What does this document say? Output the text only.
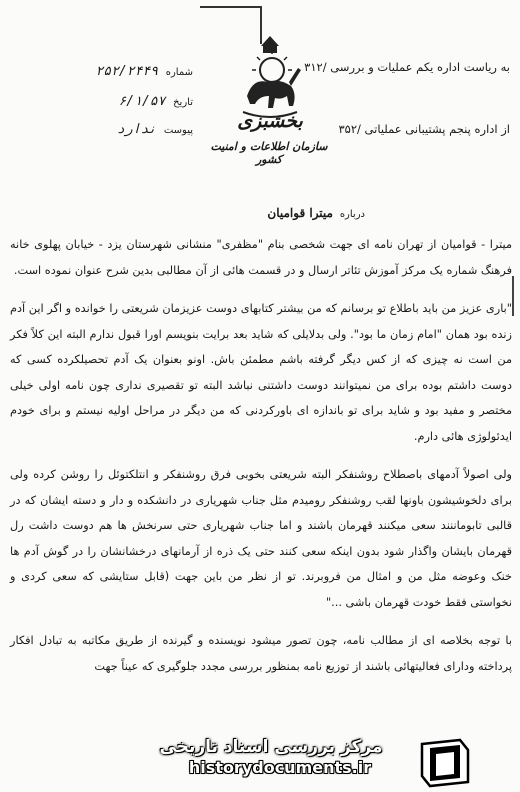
به ریاست اداره یکم عملیات و بررسی /۳۱۲
از اداره پنجم پشتیبانی عملیاتی /۳۵۲
بخشبزی
سازمان اطلاعات و امنیت کشور
شماره ۲۵۲/۲۴۴۹
تاریخ ۶/۱/۵۷
پیوست ندارد
درباره میترا قوامیان

میترا - قوامیان از تهران نامه ای جهت شخصی بنام "مظفری" منشانی شهرستان یزد - خیابان پهلوی خانه فرهنگ شماره یک مرکز آموزش تئاتر ارسال و در قسمت هائی از آن مطالبی بدین شرح عنوان نموده است.

"باری عزیز من باید باطلاع تو برسانم که من بیشتر کتابهای دوست عزیزمان شریعتی را خوانده و اگر این آدم زنده بود همان "امام زمان ما بود". ولی بدلایلی که شاید بعد برایت بنویسم اورا قبول ندارم البته این کلاً فکر من است نه چیزی که از کس دیگر گرفته باشم مطمئن باش. اونو بعنوان یک آدم تحصیلکرده کسی که دوست داشتم بوده برای من نمیتوانند دوست داشتنی نباشد البته تو تقصیری نداری چون نامه اولی خیلی مختصر و مفید بود و شاید برای تو باندازه ای باورکردنی که من دیگر در مراحل اولیه نیستم و برای خودم ایدئولوژی هائی دارم.

ولی اصولاً آدمهای باصطلاح روشنفکر البته شریعتی بخوبی فرق روشنفکر و انتلکتوئل را روشن کرده ولی برای دلخوشیشون باونها لقب روشنفکر رومیدم مثل جناب شهریاری در دانشکده و دار و دسته ایشان که در قالبی تابوماننند سعی میکنند قهرمان باشند و اما جناب شهریاری حتی سرنخش ها هم دوست داشت رل قهرمان بایشان واگذار شود بدون اینکه سعی کنند حتی یک ذره از آرمانهای درخشانشان را در گوش آدم ها خنک وعوضه مثل من و امثال من فروبرند. تو از نظر من باین جهت (قابل ستایشی که سعی کردی و نخواستی فقط خودت قهرمان باشی ..."

با توجه بخلاصه ای از مطالب نامه، چون تصور میشود نویسنده و گیرنده از طریق مکاتبه به تبادل افکار پرداخته ودارای فعالیتهائی باشند از توزیع نامه بمنظور بررسی مجدد جلوگیری که عیناً جهت

مرکز بررسی اسناد تاریخی
historydocuments.ir
